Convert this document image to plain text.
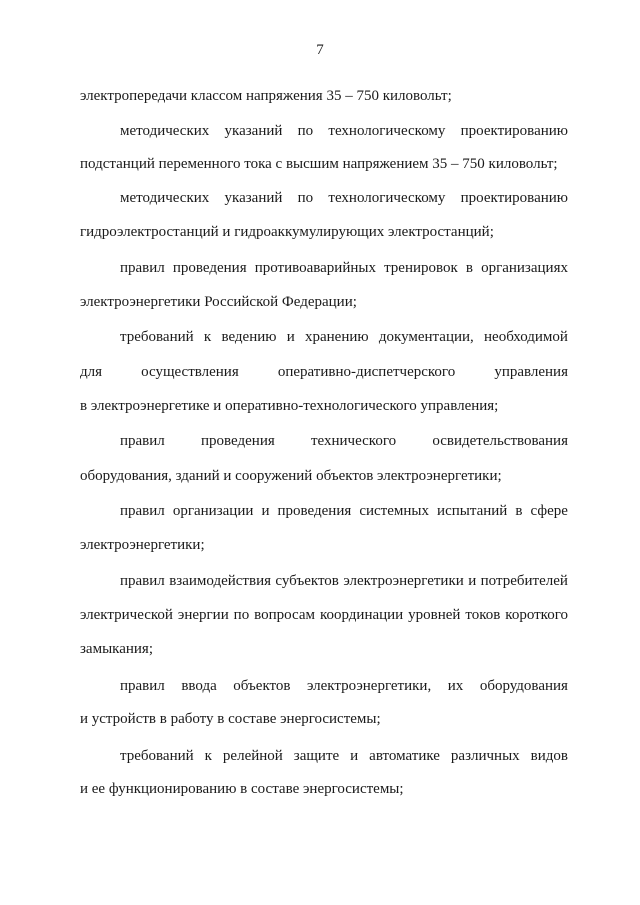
7
электропередачи классом напряжения 35 – 750 киловольт;
методических указаний по технологическому проектированию
подстанций переменного тока с высшим напряжением 35 – 750 киловольт;
методических указаний по технологическому проектированию
гидроэлектростанций и гидроаккумулирующих электростанций;
правил проведения противоаварийных тренировок в организациях
электроэнергетики Российской Федерации;
требований к ведению и хранению документации, необходимой
для	осуществления	оперативно-диспетчерского	управления
в электроэнергетике и оперативно-технологического управления;
правил проведения технического освидетельствования
оборудования, зданий и сооружений объектов электроэнергетики;
правил организации и проведения системных испытаний в сфере
электроэнергетики;
правил взаимодействия субъектов электроэнергетики и потребителей
электрической энергии по вопросам координации уровней токов короткого
замыкания;
правил ввода объектов электроэнергетики, их оборудования
и устройств в работу в составе энергосистемы;
требований к релейной защите и автоматике различных видов
и ее функционированию в составе энергосистемы;
